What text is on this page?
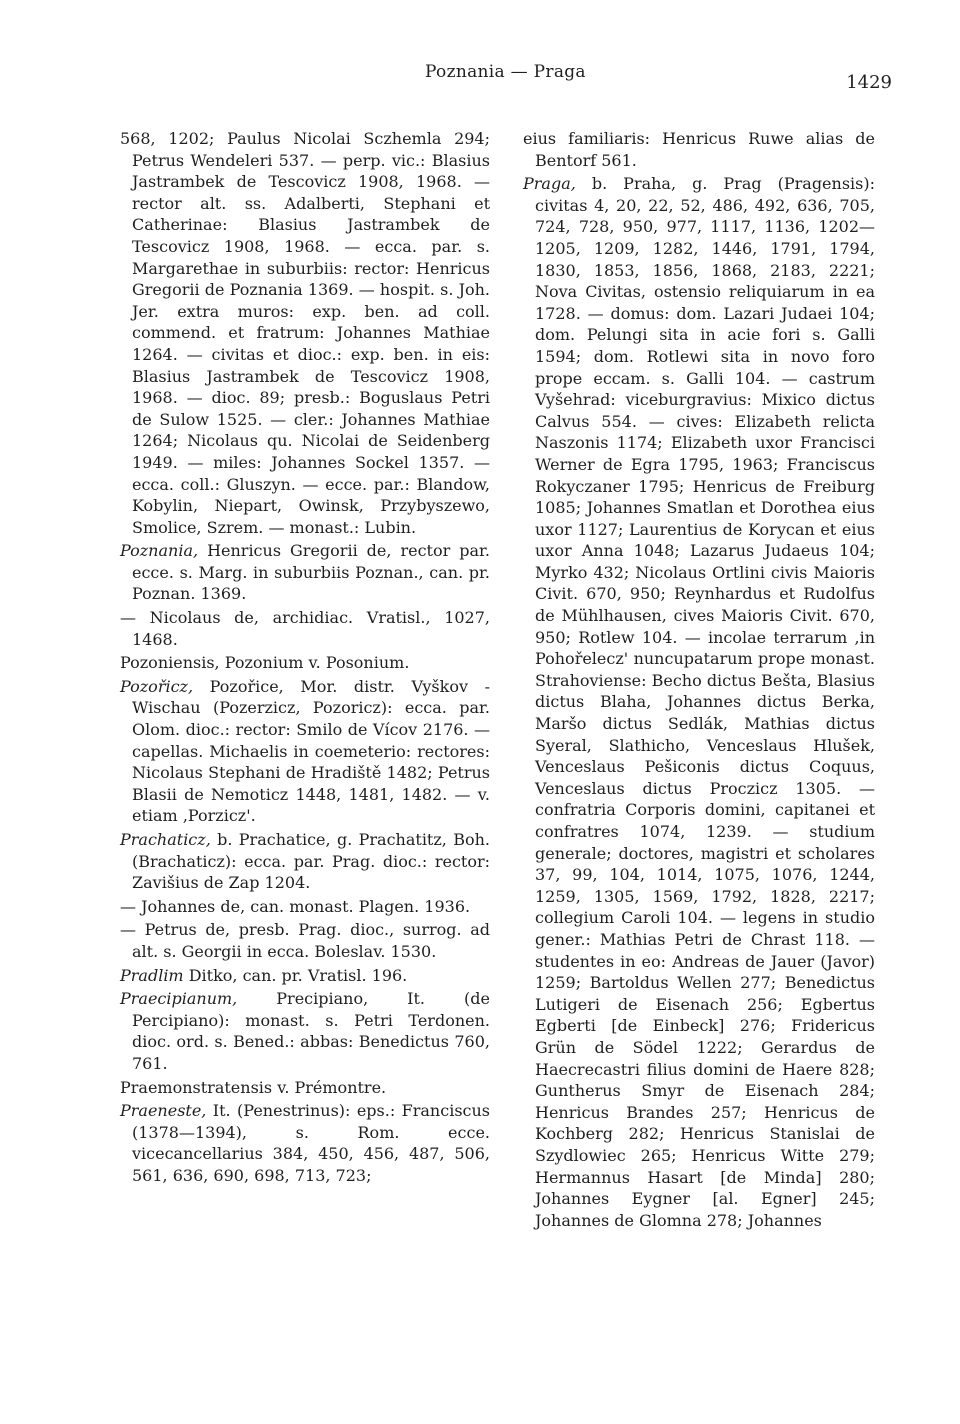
Poznania — Praga	1429

568, 1202; Paulus Nicolai Sczhemla 294; Petrus Wendeleri 537. — perp. vic.: Blasius Jastrambek de Tescovicz 1908, 1968. — rector alt. ss. Adalberti, Stephani et Catherinae: Blasius Jastrambek de Tescovicz 1908, 1968. — ecca. par. s. Margarethae in suburbiis: rector: Henricus Gregorii de Poznania 1369. — hospit. s. Joh. Jer. extra muros: exp. ben. ad coll. commend. et fratrum: Johannes Mathiae 1264. — civitas et dioc.: exp. ben. in eis: Blasius Jastrambek de Tescovicz 1908, 1968. — dioc. 89; presb.: Boguslaus Petri de Sulow 1525. — cler.: Johannes Mathiae 1264; Nicolaus qu. Nicolai de Seidenberg 1949. — miles: Johannes Sockel 1357. — ecca. coll.: Gluszyn. — ecce. par.: Blandow, Kobylin, Niepart, Owinsk, Przybyszewo, Smolice, Szrem. — monast.: Lubin.

Poznania, Henricus Gregorii de, rector par. ecce. s. Marg. in suburbiis Poznan., can. pr. Poznan. 1369.

— Nicolaus de, archidiac. Vratisl., 1027, 1468.

Pozoniensis, Pozonium v. Posonium.

Pozořicz, Pozořice, Mor. distr. Vyškov - Wischau (Pozerzicz, Pozoricz): ecca. par. Olom. dioc.: rector: Smilo de Vícov 2176. — capellas. Michaelis in coemeterio: rectores: Nicolaus Stephani de Hradiště 1482; Petrus Blasii de Nemoticz 1448, 1481, 1482. — v. etiam ,Porzicz'.

Prachaticz, b. Prachatice, g. Prachatitz, Boh. (Brachaticz): ecca. par. Prag. dioc.: rector: Zavišius de Zap 1204.

— Johannes de, can. monast. Plagen. 1936.

— Petrus de, presb. Prag. dioc., surrog. ad alt. s. Georgii in ecca. Boleslav. 1530.

Pradlim Ditko, can. pr. Vratisl. 196.

Praecipianum, Precipiano, It. (de Percipiano): monast. s. Petri Terdonen. dioc. ord. s. Bened.: abbas: Benedictus 760, 761.

Praemonstratensis v. Prémontre.

Praeneste, It. (Penestrinus): eps.: Franciscus (1378—1394), s. Rom. ecce. vicecancellarius 384, 450, 456, 487, 506, 561, 636, 690, 698, 713, 723;

eius familiaris: Henricus Ruwe alias de Bentorf 561.

Praga, b. Praha, g. Prag (Pragensis): civitas 4, 20, 22, 52, 486, 492, 636, 705, 724, 728, 950, 977, 1117, 1136, 1202—1205, 1209, 1282, 1446, 1791, 1794, 1830, 1853, 1856, 1868, 2183, 2221; Nova Civitas, ostensio reliquiarum in ea 1728. — domus: dom. Lazari Judaei 104; dom. Pelungi sita in acie fori s. Galli 1594; dom. Rotlewi sita in novo foro prope eccam. s. Galli 104. — castrum Vyšehrad: viceburgravius: Mixico dictus Calvus 554. — cives: Elizabeth relicta Naszonis 1174; Elizabeth uxor Francisci Werner de Egra 1795, 1963; Franciscus Rokyczaner 1795; Henricus de Freiburg 1085; Johannes Smatlan et Dorothea eius uxor 1127; Laurentius de Korycan et eius uxor Anna 1048; Lazarus Judaeus 104; Myrko 432; Nicolaus Ortlini civis Maioris Civit. 670, 950; Reynhardus et Rudolfus de Mühlhausen, cives Maioris Civit. 670, 950; Rotlew 104. — incolae terrarum ,in Pohořelecz' nuncupatarum prope monast. Strahoviense: Becho dictus Bešta, Blasius dictus Blaha, Johannes dictus Berka, Maršo dictus Sedlák, Mathias dictus Syeral, Slathicho, Venceslaus Hlušek, Venceslaus Pešiconis dictus Coquus, Venceslaus dictus Proczicz 1305. — confratria Corporis domini, capitanei et confratres 1074, 1239. — studium generale; doctores, magistri et scholares 37, 99, 104, 1014, 1075, 1076, 1244, 1259, 1305, 1569, 1792, 1828, 2217; collegium Caroli 104. — legens in studio gener.: Mathias Petri de Chrast 118. — studentes in eo: Andreas de Jauer (Javor) 1259; Bartoldus Wellen 277; Benedictus Lutigeri de Eisenach 256; Egbertus Egberti [de Einbeck] 276; Fridericus Grün de Södel 1222; Gerardus de Haecrecastri filius domini de Haere 828; Guntherus Smyr de Eisenach 284; Henricus Brandes 257; Henricus de Kochberg 282; Henricus Stanislai de Szydlowiec 265; Henricus Witte 279; Hermannus Hasart [de Minda] 280; Johannes Eygner [al. Egner] 245; Johannes de Glomna 278; Johannes
